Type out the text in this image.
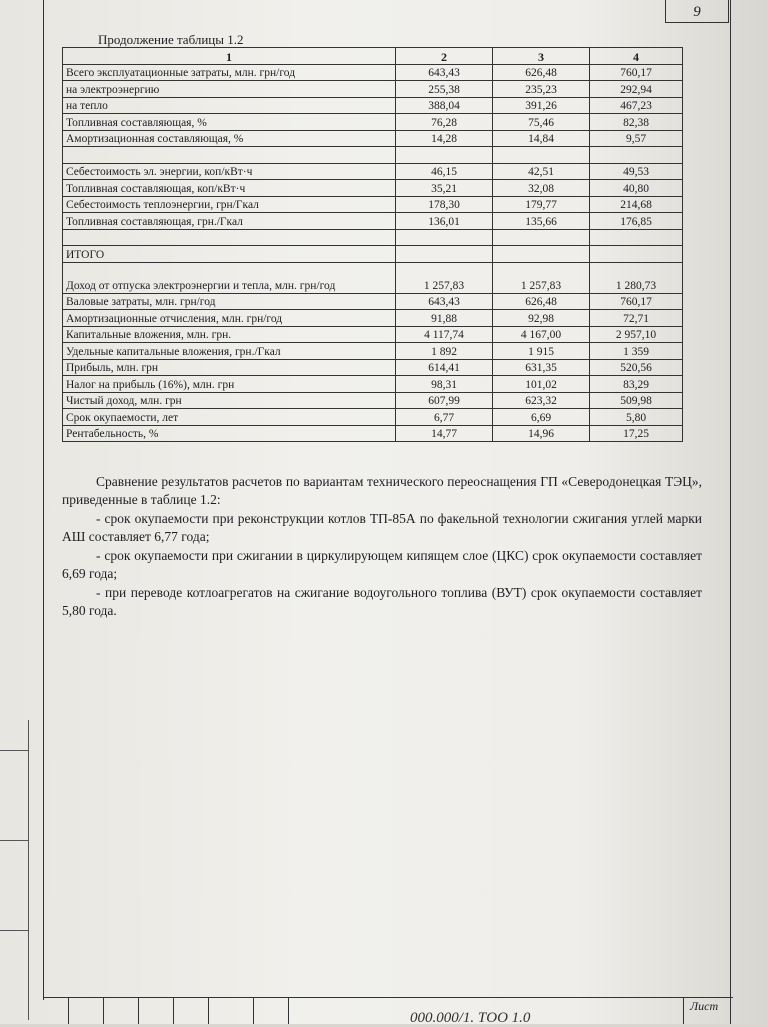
9
Продолжение таблицы 1.2
1	2	3	4
Всего эксплуатационные затраты, млн. грн/год	643,43	626,48	760,17
на электроэнергию	255,38	235,23	292,94
на тепло	388,04	391,26	467,23
Топливная составляющая, %	76,28	75,46	82,38
Амортизационная составляющая, %	14,28	14,84	9,57

Себестоимость эл. энергии, коп/кВт·ч	46,15	42,51	49,53
Топливная составляющая, коп/кВт·ч	35,21	32,08	40,80
Себестоимость теплоэнергии, грн/Гкал	178,30	179,77	214,68
Топливная составляющая, грн./Гкал	136,01	135,66	176,85

ИТОГО			
Доход от отпуска электроэнергии и тепла, млн. грн/год	1 257,83	1 257,83	1 280,73
Валовые затраты, млн. грн/год	643,43	626,48	760,17
Амортизационные отчисления, млн. грн/год	91,88	92,98	72,71
Капитальные вложения, млн. грн.	4 117,74	4 167,00	2 957,10
Удельные капитальные вложения, грн./Гкал	1 892	1 915	1 359
Прибыль, млн. грн	614,41	631,35	520,56
Налог на прибыль (16%), млн. грн	98,31	101,02	83,29
Чистый доход, млн. грн	607,99	623,32	509,98
Срок окупаемости, лет	6,77	6,69	5,80
Рентабельность, %	14,77	14,96	17,25

Сравнение результатов расчетов по вариантам технического переоснащения ГП «Северодонецкая ТЭЦ», приведенные в таблице 1.2:

- срок окупаемости при реконструкции котлов ТП-85А по факельной технологии сжигания углей марки АШ составляет 6,77 года;

- срок окупаемости при сжигании в циркулирующем кипящем слое (ЦКС) срок окупаемости составляет 6,69 года;

- при переводе котлоагрегатов на сжигание водоугольного топлива (ВУТ) срок окупаемости составляет 5,80 года.

Лист
000.000/1. ТОО 1.0
